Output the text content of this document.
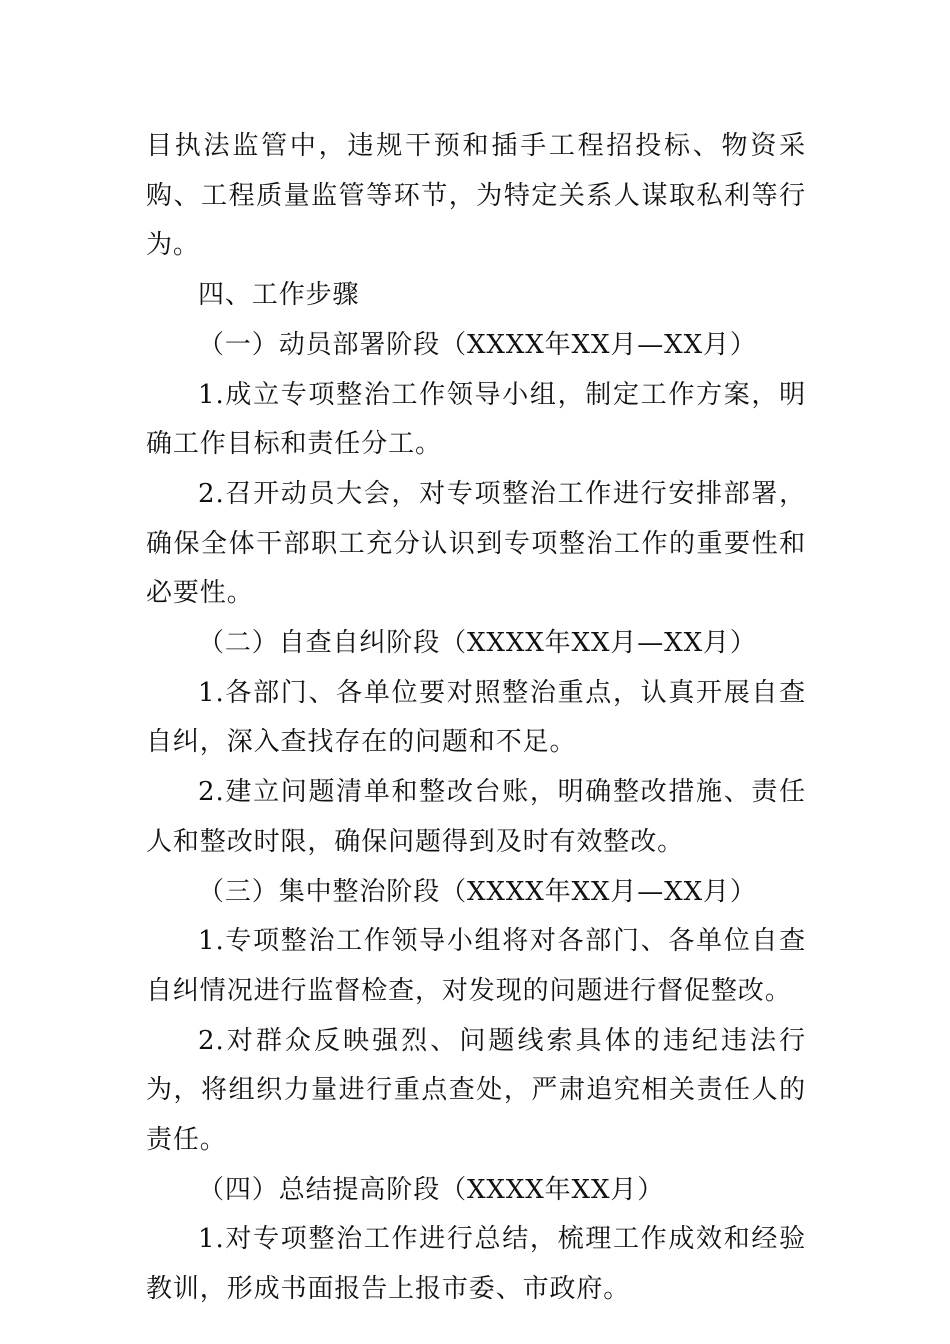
目执法监管中，违规干预和插手工程招投标、物资采购、工程质量监管等环节，为特定关系人谋取私利等行为。

四、工作步骤

（一）动员部署阶段（XXXX年XX月—XX月）

1.成立专项整治工作领导小组，制定工作方案，明确工作目标和责任分工。

2.召开动员大会，对专项整治工作进行安排部署，确保全体干部职工充分认识到专项整治工作的重要性和必要性。

（二）自查自纠阶段（XXXX年XX月—XX月）

1.各部门、各单位要对照整治重点，认真开展自查自纠，深入查找存在的问题和不足。

2.建立问题清单和整改台账，明确整改措施、责任人和整改时限，确保问题得到及时有效整改。

（三）集中整治阶段（XXXX年XX月—XX月）

1.专项整治工作领导小组将对各部门、各单位自查自纠情况进行监督检查，对发现的问题进行督促整改。

2.对群众反映强烈、问题线索具体的违纪违法行为，将组织力量进行重点查处，严肃追究相关责任人的责任。

（四）总结提高阶段（XXXX年XX月）

1.对专项整治工作进行总结，梳理工作成效和经验教训，形成书面报告上报市委、市政府。
